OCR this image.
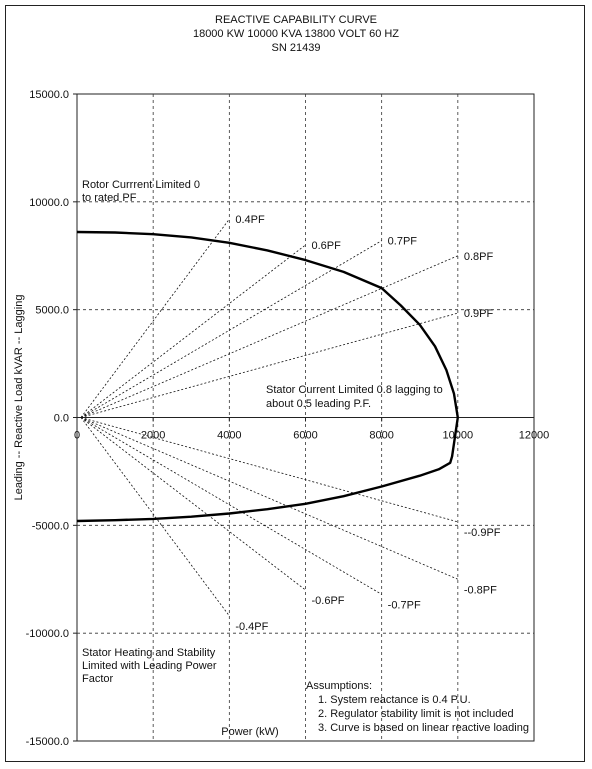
REACTIVE CAPABILITY CURVE
18000 KW 10000 KVA 13800 VOLT 60 HZ
SN 21439
0	2000	4000	6000	8000	10000	12000
-15000.0
-10000.0
-5000.0
0.0
5000.0
10000.0
15000.0
Power (kW)
Leading -- Reactive Load kVAR -- Lagging
0.4PF
0.6PF	0.7PF
0.8PF
0.9PF
--0.9PF
-0.8PF
-0.7PF
-0.6PF
-0.4PF
Rotor Currrent Limited 0
to rated PF
Stator Current Limited 0.8 lagging to
about 0.5 leading P.F.
Stator Heating and Stability
Limited with Leading Power
Factor
Assumptions:
1. System reactance is 0.4 P.U.
2. Regulator stability limit is not included
3. Curve is based on linear reactive loading
